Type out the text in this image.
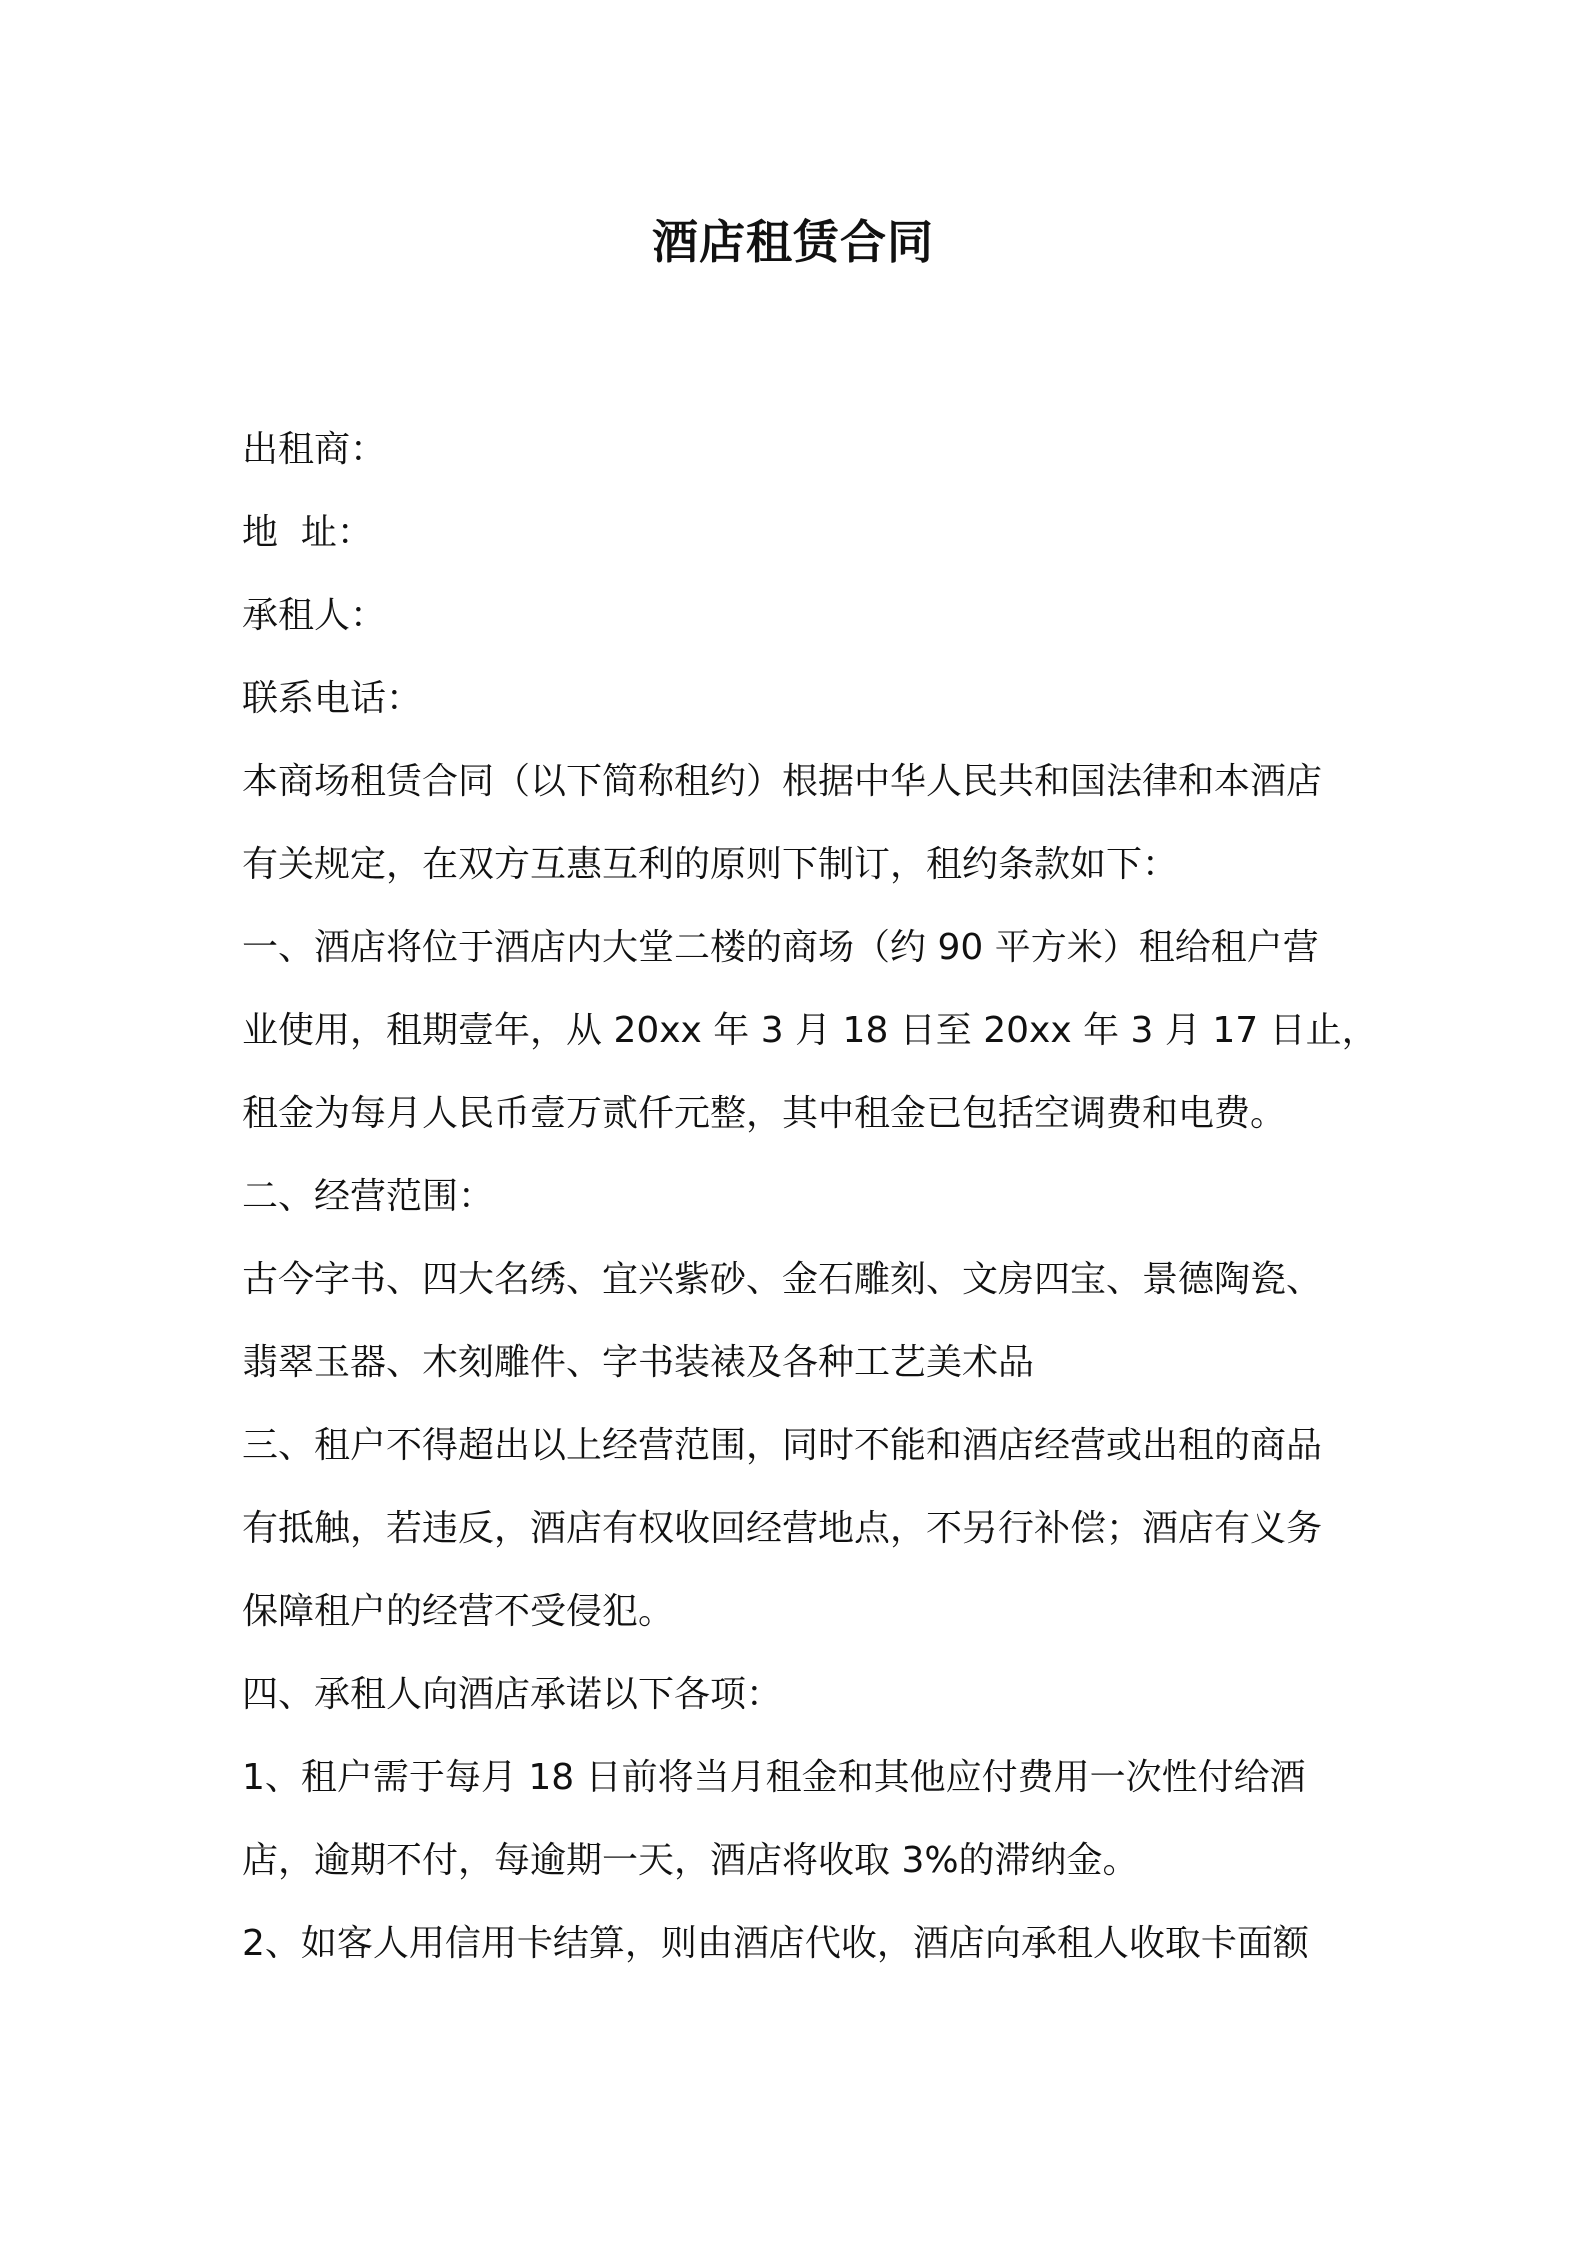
酒店租赁合同

出租商：

地  址：

承租人：

联系电话：

本商场租赁合同（以下简称租约）根据中华人民共和国法律和本酒店

有关规定，在双方互惠互利的原则下制订，租约条款如下：

一、酒店将位于酒店内大堂二楼的商场（约 90 平方米）租给租户营

业使用，租期壹年，从 20xx 年 3 月 18 日至 20xx 年 3 月 17 日止，

租金为每月人民币壹万贰仟元整，其中租金已包括空调费和电费。

二、经营范围：

古今字书、四大名绣、宜兴紫砂、金石雕刻、文房四宝、景德陶瓷、

翡翠玉器、木刻雕件、字书装裱及各种工艺美术品

三、租户不得超出以上经营范围，同时不能和酒店经营或出租的商品

有抵触，若违反，酒店有权收回经营地点，不另行补偿；酒店有义务

保障租户的经营不受侵犯。

四、承租人向酒店承诺以下各项：

1、租户需于每月 18 日前将当月租金和其他应付费用一次性付给酒

店，逾期不付，每逾期一天，酒店将收取 3%的滞纳金。

2、如客人用信用卡结算，则由酒店代收，酒店向承租人收取卡面额
